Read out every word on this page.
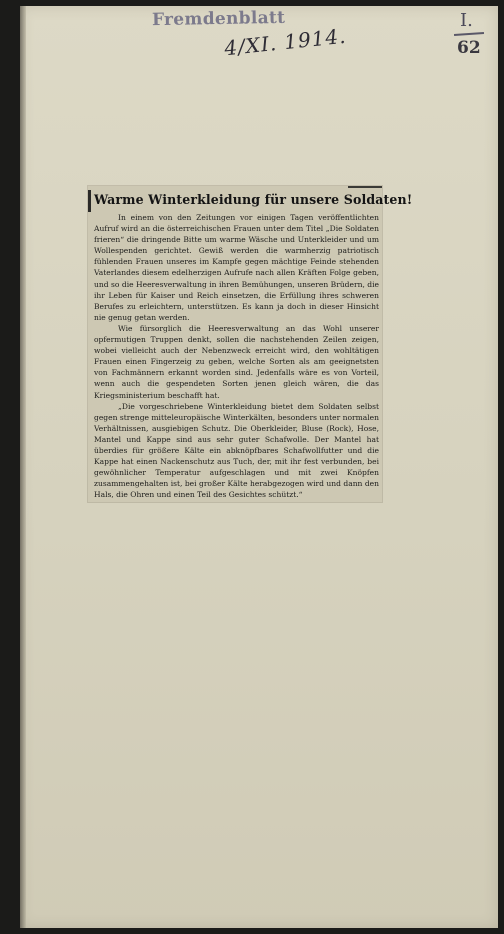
Fremdenblatt
4/XI. 1914.
I.
62
Warme Winterkleidung für unsere Soldaten!

In einem von den Zeitungen vor einigen Tagen veröffentlichten Aufruf wird an die österreichischen Frauen unter dem Titel „Die Soldaten frieren“ die dringende Bitte um warme Wäsche und Unterkleider und um Wollespenden gerichtet. Gewiß werden die warmherzig patriotisch fühlenden Frauen unseres im Kampfe gegen mächtige Feinde stehenden Vaterlandes diesem edelherzigen Aufrufe nach allen Kräften Folge geben, und so die Heeresverwaltung in ihren Bemühungen, unseren Brüdern, die ihr Leben für Kaiser und Reich einsetzen, die Erfüllung ihres schweren Berufes zu erleichtern, unterstützen. Es kann ja doch in dieser Hinsicht nie genug getan werden.

Wie fürsorglich die Heeresverwaltung an das Wohl unserer opfermutigen Truppen denkt, sollen die nachstehenden Zeilen zeigen, wobei vielleicht auch der Nebenzweck erreicht wird, den wohltätigen Frauen einen Fingerzeig zu geben, welche Sorten als am geeignetsten von Fachmännern erkannt worden sind. Jedenfalls wäre es von Vorteil, wenn auch die gespendeten Sorten jenen gleich wären, die das Kriegsministerium beschafft hat.

„Die vorgeschriebene Winterkleidung bietet dem Soldaten selbst gegen strenge mitteleuropäische Winterkälten, besonders unter normalen Verhältnissen, ausgiebigen Schutz. Die Oberkleider, Bluse (Rock), Hose, Mantel und Kappe sind aus sehr guter Schafwolle. Der Mantel hat überdies für größere Kälte ein abknöpfbares Schafwollfutter und die Kappe hat einen Nackenschutz aus Tuch, der, mit ihr fest verbunden, bei gewöhnlicher Temperatur aufgeschlagen und mit zwei Knöpfen zusammengehalten ist, bei großer Kälte herabgezogen wird und dann den Hals, die Ohren und einen Teil des Gesichtes schützt.“
